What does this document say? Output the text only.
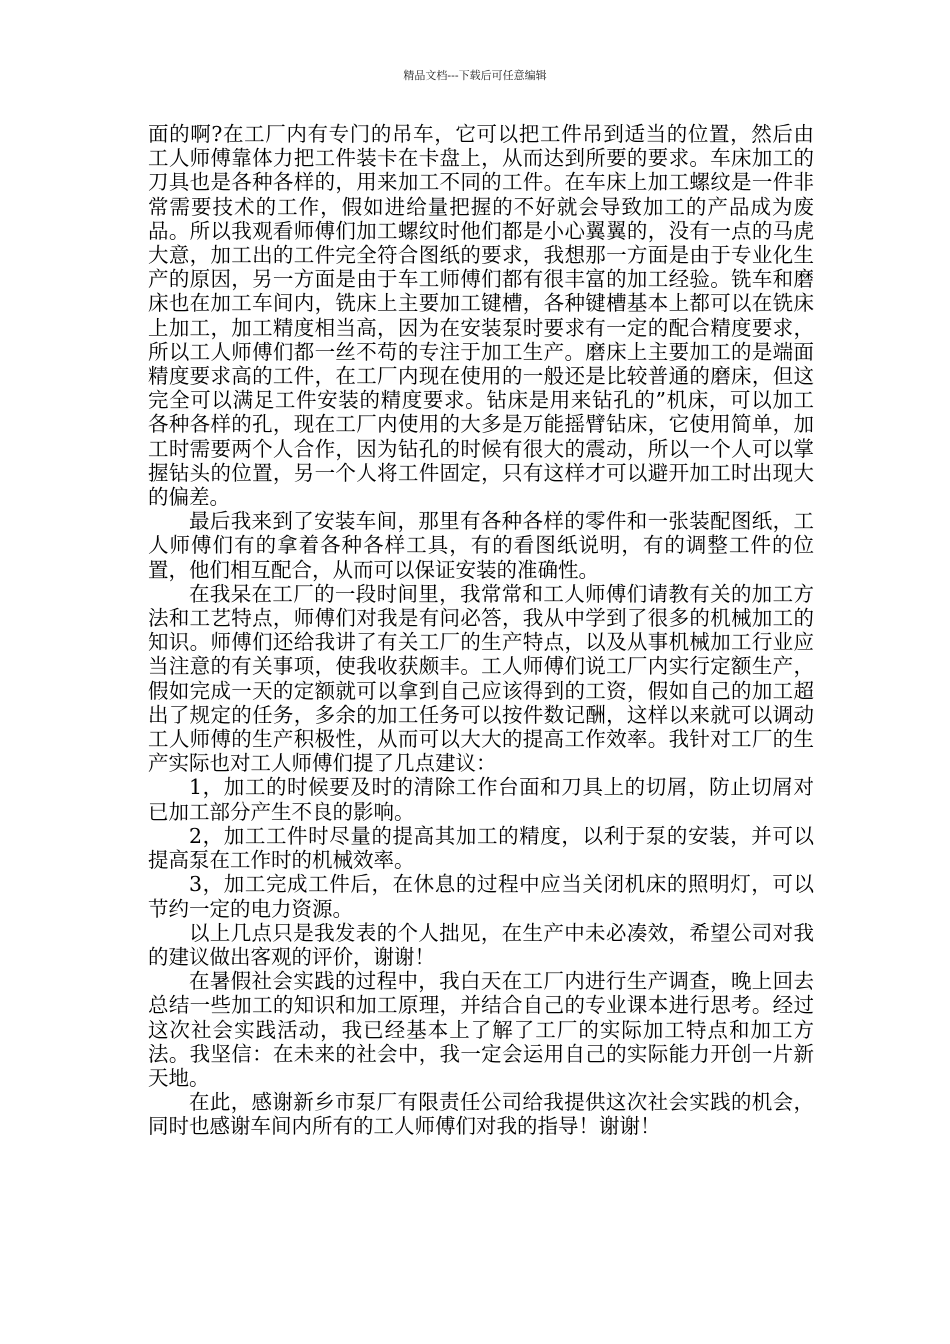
精品文档---下载后可任意编辑

面的啊?在工厂内有专门的吊车，它可以把工件吊到适当的位置，然后由工人师傅靠体力把工件装卡在卡盘上，从而达到所要的要求。车床加工的刀具也是各种各样的，用来加工不同的工件。在车床上加工螺纹是一件非常需要技术的工作，假如进给量把握的不好就会导致加工的产品成为废品。所以我观看师傅们加工螺纹时他们都是小心翼翼的，没有一点的马虎大意，加工出的工件完全符合图纸的要求，我想那一方面是由于专业化生产的原因，另一方面是由于车工师傅们都有很丰富的加工经验。铣车和磨床也在加工车间内，铣床上主要加工键槽，各种键槽基本上都可以在铣床上加工，加工精度相当高，因为在安装泵时要求有一定的配合精度要求，所以工人师傅们都一丝不苟的专注于加工生产。磨床上主要加工的是端面精度要求高的工件，在工厂内现在使用的一般还是比较普通的磨床，但这完全可以满足工件安装的精度要求。钻床是用来钻孔的”机床，可以加工各种各样的孔，现在工厂内使用的大多是万能摇臂钻床，它使用简单，加工时需要两个人合作，因为钻孔的时候有很大的震动，所以一个人可以掌握钻头的位置，另一个人将工件固定，只有这样才可以避开加工时出现大的偏差。

最后我来到了安装车间，那里有各种各样的零件和一张装配图纸，工人师傅们有的拿着各种各样工具，有的看图纸说明，有的调整工件的位置，他们相互配合，从而可以保证安装的准确性。

在我呆在工厂的一段时间里，我常常和工人师傅们请教有关的加工方法和工艺特点，师傅们对我是有问必答，我从中学到了很多的机械加工的知识。师傅们还给我讲了有关工厂的生产特点，以及从事机械加工行业应当注意的有关事项，使我收获颇丰。工人师傅们说工厂内实行定额生产，假如完成一天的定额就可以拿到自己应该得到的工资，假如自己的加工超出了规定的任务，多余的加工任务可以按件数记酬，这样以来就可以调动工人师傅的生产积极性，从而可以大大的提高工作效率。我针对工厂的生产实际也对工人师傅们提了几点建议：

1，加工的时候要及时的清除工作台面和刀具上的切屑，防止切屑对已加工部分产生不良的影响。

2，加工工件时尽量的提高其加工的精度，以利于泵的安装，并可以提高泵在工作时的机械效率。

3，加工完成工件后，在休息的过程中应当关闭机床的照明灯，可以节约一定的电力资源。

以上几点只是我发表的个人拙见，在生产中未必凑效，希望公司对我的建议做出客观的评价，谢谢！

在暑假社会实践的过程中，我白天在工厂内进行生产调查，晚上回去总结一些加工的知识和加工原理，并结合自己的专业课本进行思考。经过这次社会实践活动，我已经基本上了解了工厂的实际加工特点和加工方法。我坚信：在未来的社会中，我一定会运用自己的实际能力开创一片新天地。

在此，感谢新乡市泵厂有限责任公司给我提供这次社会实践的机会，同时也感谢车间内所有的工人师傅们对我的指导！谢谢！
